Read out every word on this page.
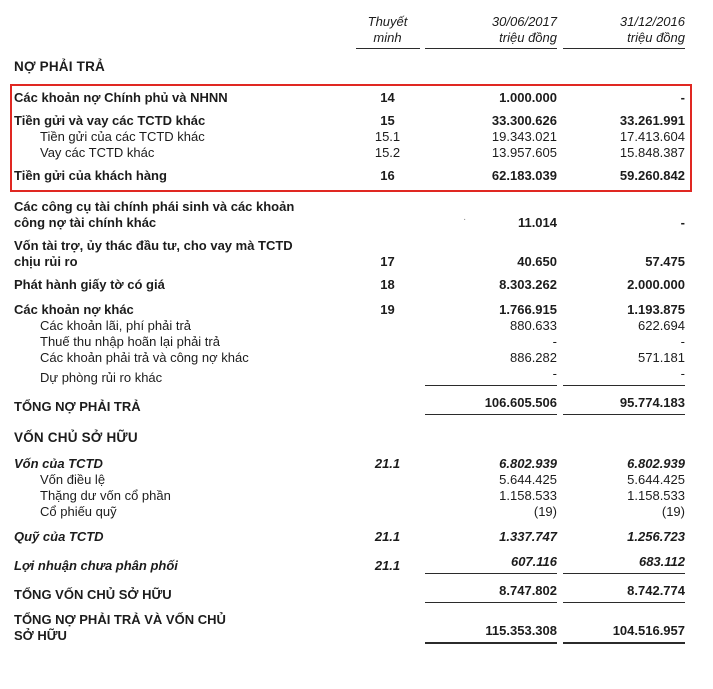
Thuyết
minh
30/06/2017
triệu đồng
31/12/2016
triệu đồng
NỢ PHẢI TRẢ
Các khoản nợ Chính phủ và NHNN	14	1.000.000	-
Tiền gửi và vay các TCTD khác	15	33.300.626	33.261.991
Tiền gửi của các TCTD khác	15.1	19.343.021	17.413.604
Vay các TCTD khác	15.2	13.957.605	15.848.387
Tiền gửi của khách hàng	16	62.183.039	59.260.842
Các công cụ tài chính phái sinh và các khoản
công nợ tài chính khác	·	11.014	-
Vốn tài trợ, ủy thác đầu tư, cho vay mà TCTD
chịu rủi ro	17	40.650	57.475
Phát hành giấy tờ có giá	18	8.303.262	2.000.000
Các khoản nợ khác	19	1.766.915	1.193.875
Các khoản lãi, phí phải trả	880.633	622.694
Thuế thu nhập hoãn lại phải trả	-	-
Các khoản phải trả và công nợ khác	886.282	571.181
Dự phòng rủi ro khác	-	-
TỔNG NỢ PHẢI TRẢ	106.605.506	95.774.183
VỐN CHỦ SỞ HỮU
Vốn của TCTD	21.1	6.802.939	6.802.939
Vốn điều lệ	5.644.425	5.644.425
Thặng dư vốn cổ phần	1.158.533	1.158.533
Cổ phiếu quỹ	(19)	(19)
Quỹ của TCTD	21.1	1.337.747	1.256.723
Lợi nhuận chưa phân phối	21.1	607.116	683.112
TỔNG VỐN CHỦ SỞ HỮU	8.747.802	8.742.774
TỔNG NỢ PHẢI TRẢ VÀ VỐN CHỦ
SỞ HỮU	115.353.308	104.516.957
